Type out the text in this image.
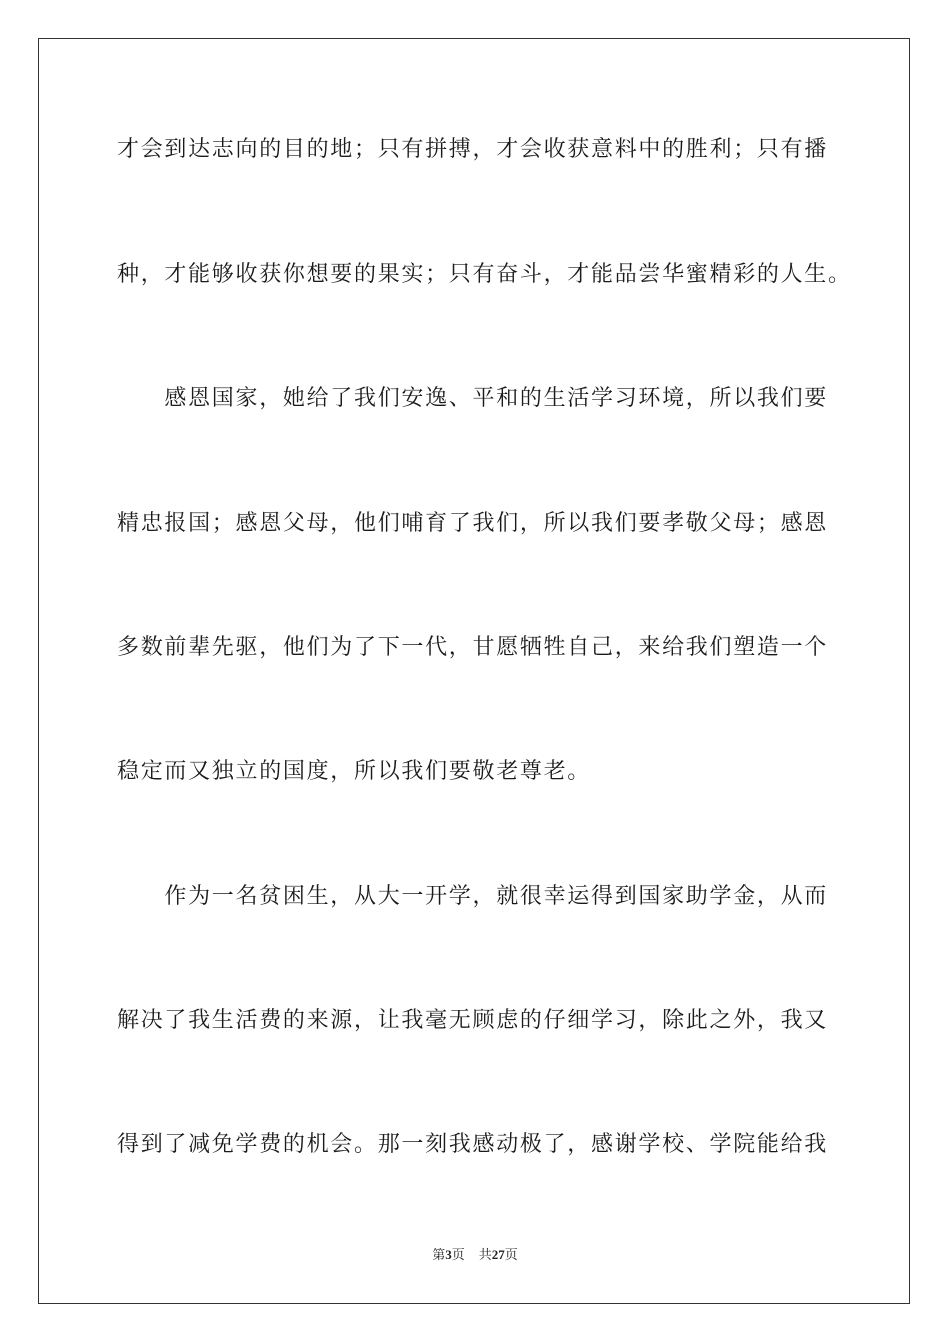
才会到达志向的目的地；只有拼搏，才会收获意料中的胜利；只有播
种，才能够收获你想要的果实；只有奋斗，才能品尝华蜜精彩的人生。
　　感恩国家，她给了我们安逸、平和的生活学习环境，所以我们要
精忠报国；感恩父母，他们哺育了我们，所以我们要孝敬父母；感恩
多数前辈先驱，他们为了下一代，甘愿牺牲自己，来给我们塑造一个
稳定而又独立的国度，所以我们要敬老尊老。
　　作为一名贫困生，从大一开学，就很幸运得到国家助学金，从而
解决了我生活费的来源，让我毫无顾虑的仔细学习，除此之外，我又
得到了减免学费的机会。那一刻我感动极了，感谢学校、学院能给我
第3页 共27页
